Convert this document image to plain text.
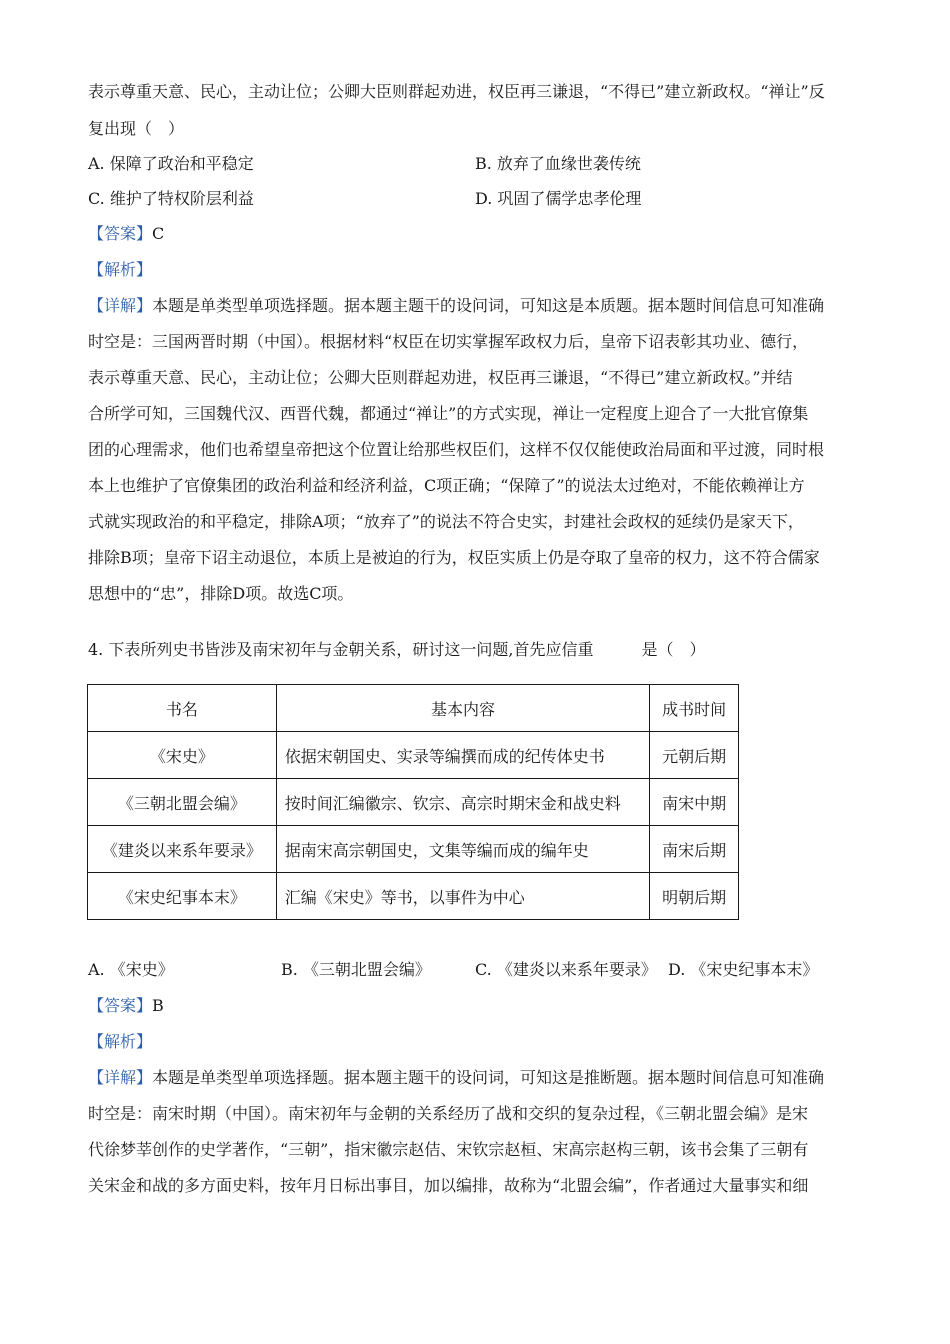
表示尊重天意、民心，主动让位；公卿大臣则群起劝进，权臣再三谦退，“不得已”建立新政权。“禅让”反
复出现（　）
A. 保障了政治和平稳定	B. 放弃了血缘世袭传统
C. 维护了特权阶层利益	D. 巩固了儒学忠孝伦理
【答案】C
【解析】
【详解】本题是单类型单项选择题。据本题主题干的设问词，可知这是本质题。据本题时间信息可知准确
时空是：三国两晋时期（中国）。根据材料“权臣在切实掌握军政权力后，皇帝下诏表彰其功业、德行，
表示尊重天意、民心，主动让位；公卿大臣则群起劝进，权臣再三谦退，“不得已”建立新政权。”并结
合所学可知，三国魏代汉、西晋代魏，都通过“禅让”的方式实现，禅让一定程度上迎合了一大批官僚集
团的心理需求，他们也希望皇帝把这个位置让给那些权臣们，这样不仅仅能使政治局面和平过渡，同时根
本上也维护了官僚集团的政治利益和经济利益，C项正确；“保障了”的说法太过绝对，不能依赖禅让方
式就实现政治的和平稳定，排除A项；“放弃了”的说法不符合史实，封建社会政权的延续仍是家天下，
排除B项；皇帝下诏主动退位，本质上是被迫的行为，权臣实质上仍是夺取了皇帝的权力，这不符合儒家
思想中的“忠”，排除D项。故选C项。
4. 下表所列史书皆涉及南宋初年与金朝关系，研讨这一问题,首先应信重	是（　）
书名	基本内容	成书时间
《宋史》	依据宋朝国史、实录等编撰而成的纪传体史书	元朝后期
《三朝北盟会编》	按时间汇编徽宗、钦宗、高宗时期宋金和战史料	南宋中期
《建炎以来系年要录》	据南宋高宗朝国史，文集等编而成的编年史	南宋后期
《宋史纪事本末》	汇编《宋史》等书，以事件为中心	明朝后期
A. 《宋史》	B. 《三朝北盟会编》	C. 《建炎以来系年要录》 D. 《宋史纪事本末》
【答案】B
【解析】
【详解】本题是单类型单项选择题。据本题主题干的设问词，可知这是推断题。据本题时间信息可知准确
时空是：南宋时期（中国）。南宋初年与金朝的关系经历了战和交织的复杂过程，《三朝北盟会编》是宋
代徐梦莘创作的史学著作，“三朝”，指宋徽宗赵佶、宋钦宗赵桓、宋高宗赵构三朝，该书会集了三朝有
关宋金和战的多方面史料，按年月日标出事目，加以编排，故称为“北盟会编”，作者通过大量事实和细
